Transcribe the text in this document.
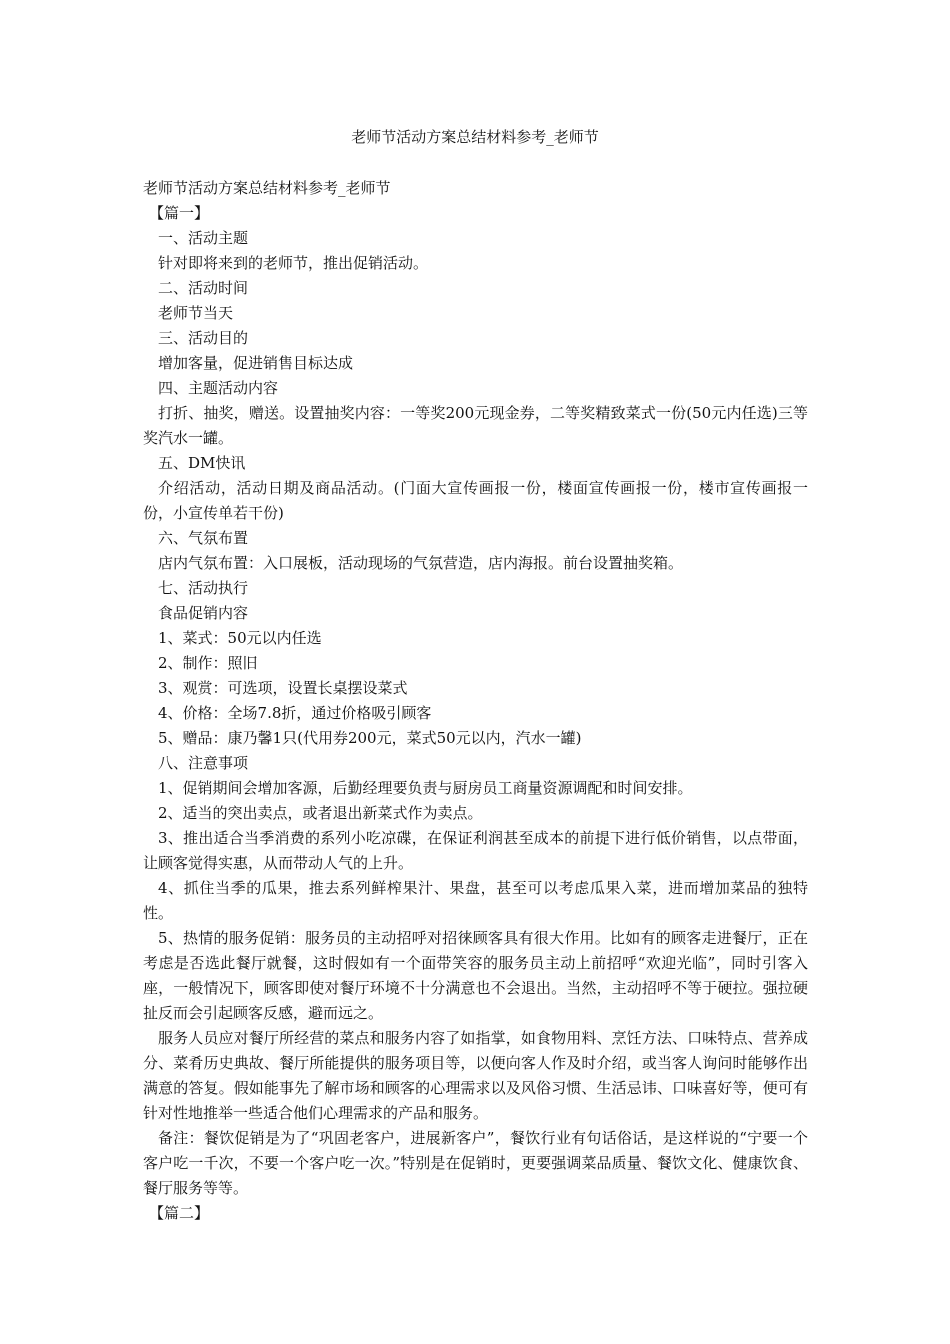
老师节活动方案总结材料参考_老师节

老师节活动方案总结材料参考_老师节

【篇一】

一、活动主题

针对即将来到的老师节，推出促销活动。

二、活动时间

老师节当天

三、活动目的

增加客量，促进销售目标达成

四、主题活动内容

打折、抽奖，赠送。设置抽奖内容：一等奖200元现金券，二等奖精致菜式一份(50元内任选)三等奖汽水一罐。

五、DM快讯

介绍活动，活动日期及商品活动。(门面大宣传画报一份，楼面宣传画报一份，楼市宣传画报一份，小宣传单若干份)

六、气氛布置

店内气氛布置：入口展板，活动现场的气氛营造，店内海报。前台设置抽奖箱。

七、活动执行

食品促销内容

1、菜式：50元以内任选

2、制作：照旧

3、观赏：可选项，设置长桌摆设菜式

4、价格：全场7.8折，通过价格吸引顾客

5、赠品：康乃馨1只(代用券200元，菜式50元以内，汽水一罐)

八、注意事项

1、促销期间会增加客源，后勤经理要负责与厨房员工商量资源调配和时间安排。

2、适当的突出卖点，或者退出新菜式作为卖点。

3、推出适合当季消费的系列小吃凉碟，在保证利润甚至成本的前提下进行低价销售，以点带面，让顾客觉得实惠，从而带动人气的上升。

4、抓住当季的瓜果，推去系列鲜榨果汁、果盘，甚至可以考虑瓜果入菜，进而增加菜品的独特性。

5、热情的服务促销：服务员的主动招呼对招徕顾客具有很大作用。比如有的顾客走进餐厅，正在考虑是否选此餐厅就餐，这时假如有一个面带笑容的服务员主动上前招呼“欢迎光临”，同时引客入座，一般情况下，顾客即使对餐厅环境不十分满意也不会退出。当然，主动招呼不等于硬拉。强拉硬扯反而会引起顾客反感，避而远之。

服务人员应对餐厅所经营的菜点和服务内容了如指掌，如食物用料、烹饪方法、口味特点、营养成分、菜肴历史典故、餐厅所能提供的服务项目等，以便向客人作及时介绍，或当客人询问时能够作出满意的答复。假如能事先了解市场和顾客的心理需求以及风俗习惯、生活忌讳、口味喜好等，便可有针对性地推举一些适合他们心理需求的产品和服务。

备注：餐饮促销是为了“巩固老客户，进展新客户”，餐饮行业有句话俗话，是这样说的“宁要一个客户吃一千次，不要一个客户吃一次。”特别是在促销时，更要强调菜品质量、餐饮文化、健康饮食、餐厅服务等等。

【篇二】
